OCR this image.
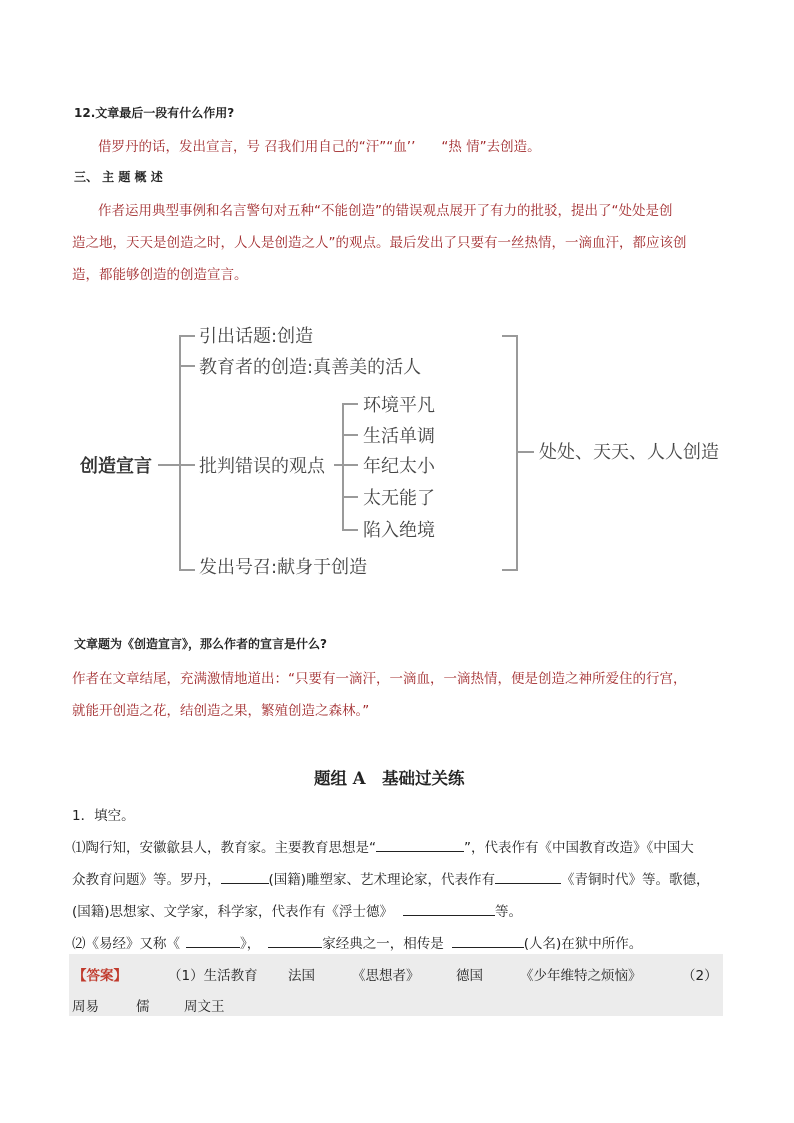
12.文章最后一段有什么作用?
借罗丹的话，发出宣言，号 召我们用自己的“汗”“血’’ “热 情”去创造。
三、 主 题 概 述
作者运用典型事例和名言警句对五种“不能创造”的错误观点展开了有力的批驳，提出了“处处是创
造之地，天天是创造之时，人人是创造之人”的观点。最后发出了只要有一丝热情，一滴血汗，都应该创
造，都能够创造的创造宣言。
创造宣言
引出话题:创造
教育者的创造:真善美的活人
批判错误的观点
发出号召:献身于创造
环境平凡
生活单调
年纪太小
太无能了
陷入绝境
处处、天天、人人创造
文章题为《创造宣言》，那么作者的宣言是什么?
作者在文章结尾，充满激情地道出：“只要有一滴汗，一滴血，一滴热情，便是创造之神所爱住的行宫，
就能开创造之花，结创造之果，繁殖创造之森林。”
题组 A　基础过关练
1．填空。
⑴陶行知，安徽歙县人，教育家。主要教育思想是“	”，代表作有《中国教育改造》《中国大
众教育问题》等。罗丹，	(国籍)雕塑家、艺术理论家，代表作有	《青铜时代》等。歌德，
(国籍)思想家、文学家，科学家，代表作有《浮士德》	等。
⑵《易经》又称《	》，	家经典之一，相传是	(人名)在狱中所作。
【答案】	（1）生活教育 法国	《思想者》	德国	《少年维特之烦恼》	（2）
周易	儒	周文王
